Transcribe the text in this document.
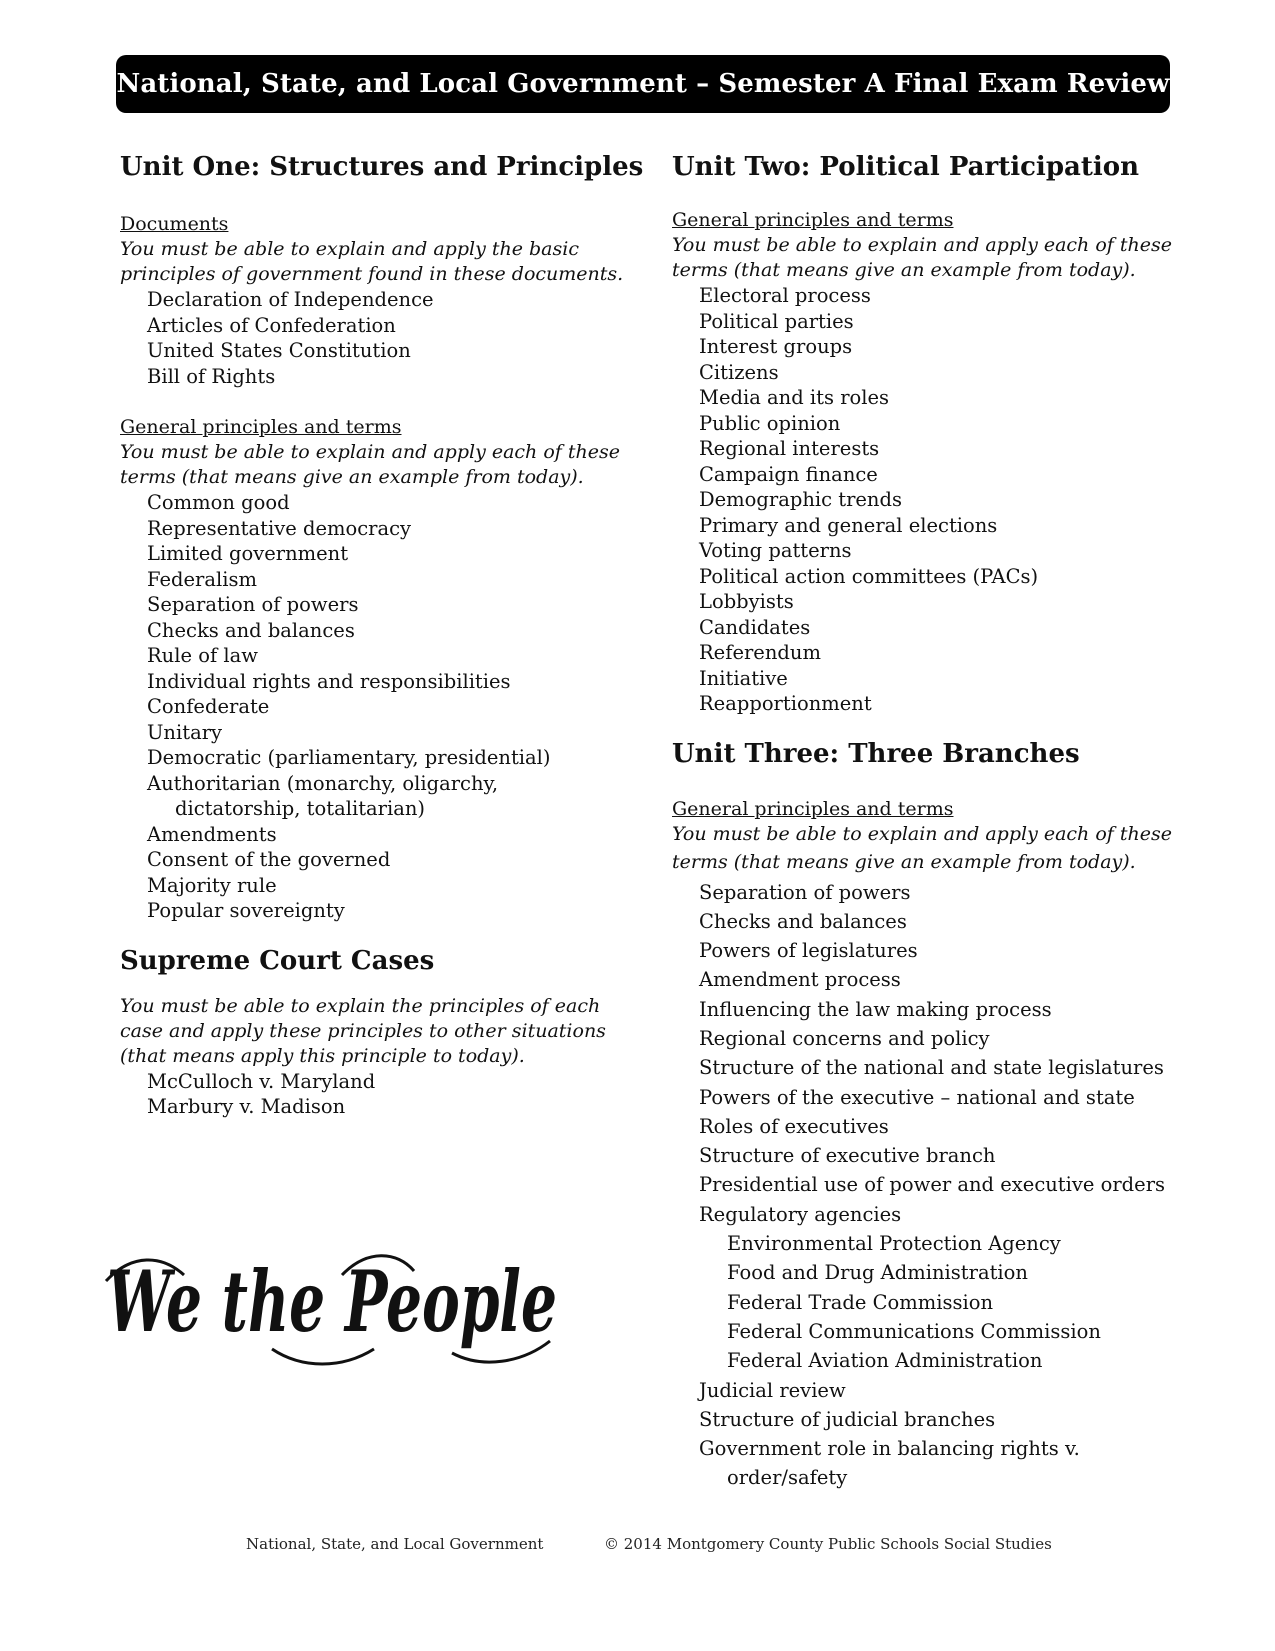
National, State, and Local Government – Semester A Final Exam Review
Unit One: Structures and Principles
Documents
You must be able to explain and apply the basic
principles of government found in these documents.
Declaration of Independence
Articles of Confederation
United States Constitution
Bill of Rights
General principles and terms
You must be able to explain and apply each of these
terms (that means give an example from today).
Common good
Representative democracy
Limited government
Federalism
Separation of powers
Checks and balances
Rule of law
Individual rights and responsibilities
Confederate
Unitary
Democratic (parliamentary, presidential)
Authoritarian (monarchy, oligarchy,
dictatorship, totalitarian)
Amendments
Consent of the governed
Majority rule
Popular sovereignty
Supreme Court Cases
You must be able to explain the principles of each
case and apply these principles to other situations
(that means apply this principle to today).
McCulloch v. Maryland
Marbury v. Madison
We the People
Unit Two: Political Participation
General principles and terms
You must be able to explain and apply each of these
terms (that means give an example from today).
Electoral process
Political parties
Interest groups
Citizens
Media and its roles
Public opinion
Regional interests
Campaign finance
Demographic trends
Primary and general elections
Voting patterns
Political action committees (PACs)
Lobbyists
Candidates
Referendum
Initiative
Reapportionment
Unit Three: Three Branches
General principles and terms
You must be able to explain and apply each of these
terms (that means give an example from today).
Separation of powers
Checks and balances
Powers of legislatures
Amendment process
Influencing the law making process
Regional concerns and policy
Structure of the national and state legislatures
Powers of the executive – national and state
Roles of executives
Structure of executive branch
Presidential use of power and executive orders
Regulatory agencies
Environmental Protection Agency
Food and Drug Administration
Federal Trade Commission
Federal Communications Commission
Federal Aviation Administration
Judicial review
Structure of judicial branches
Government role in balancing rights v.
order/safety
National, State, and Local Government	© 2014 Montgomery County Public Schools Social Studies
